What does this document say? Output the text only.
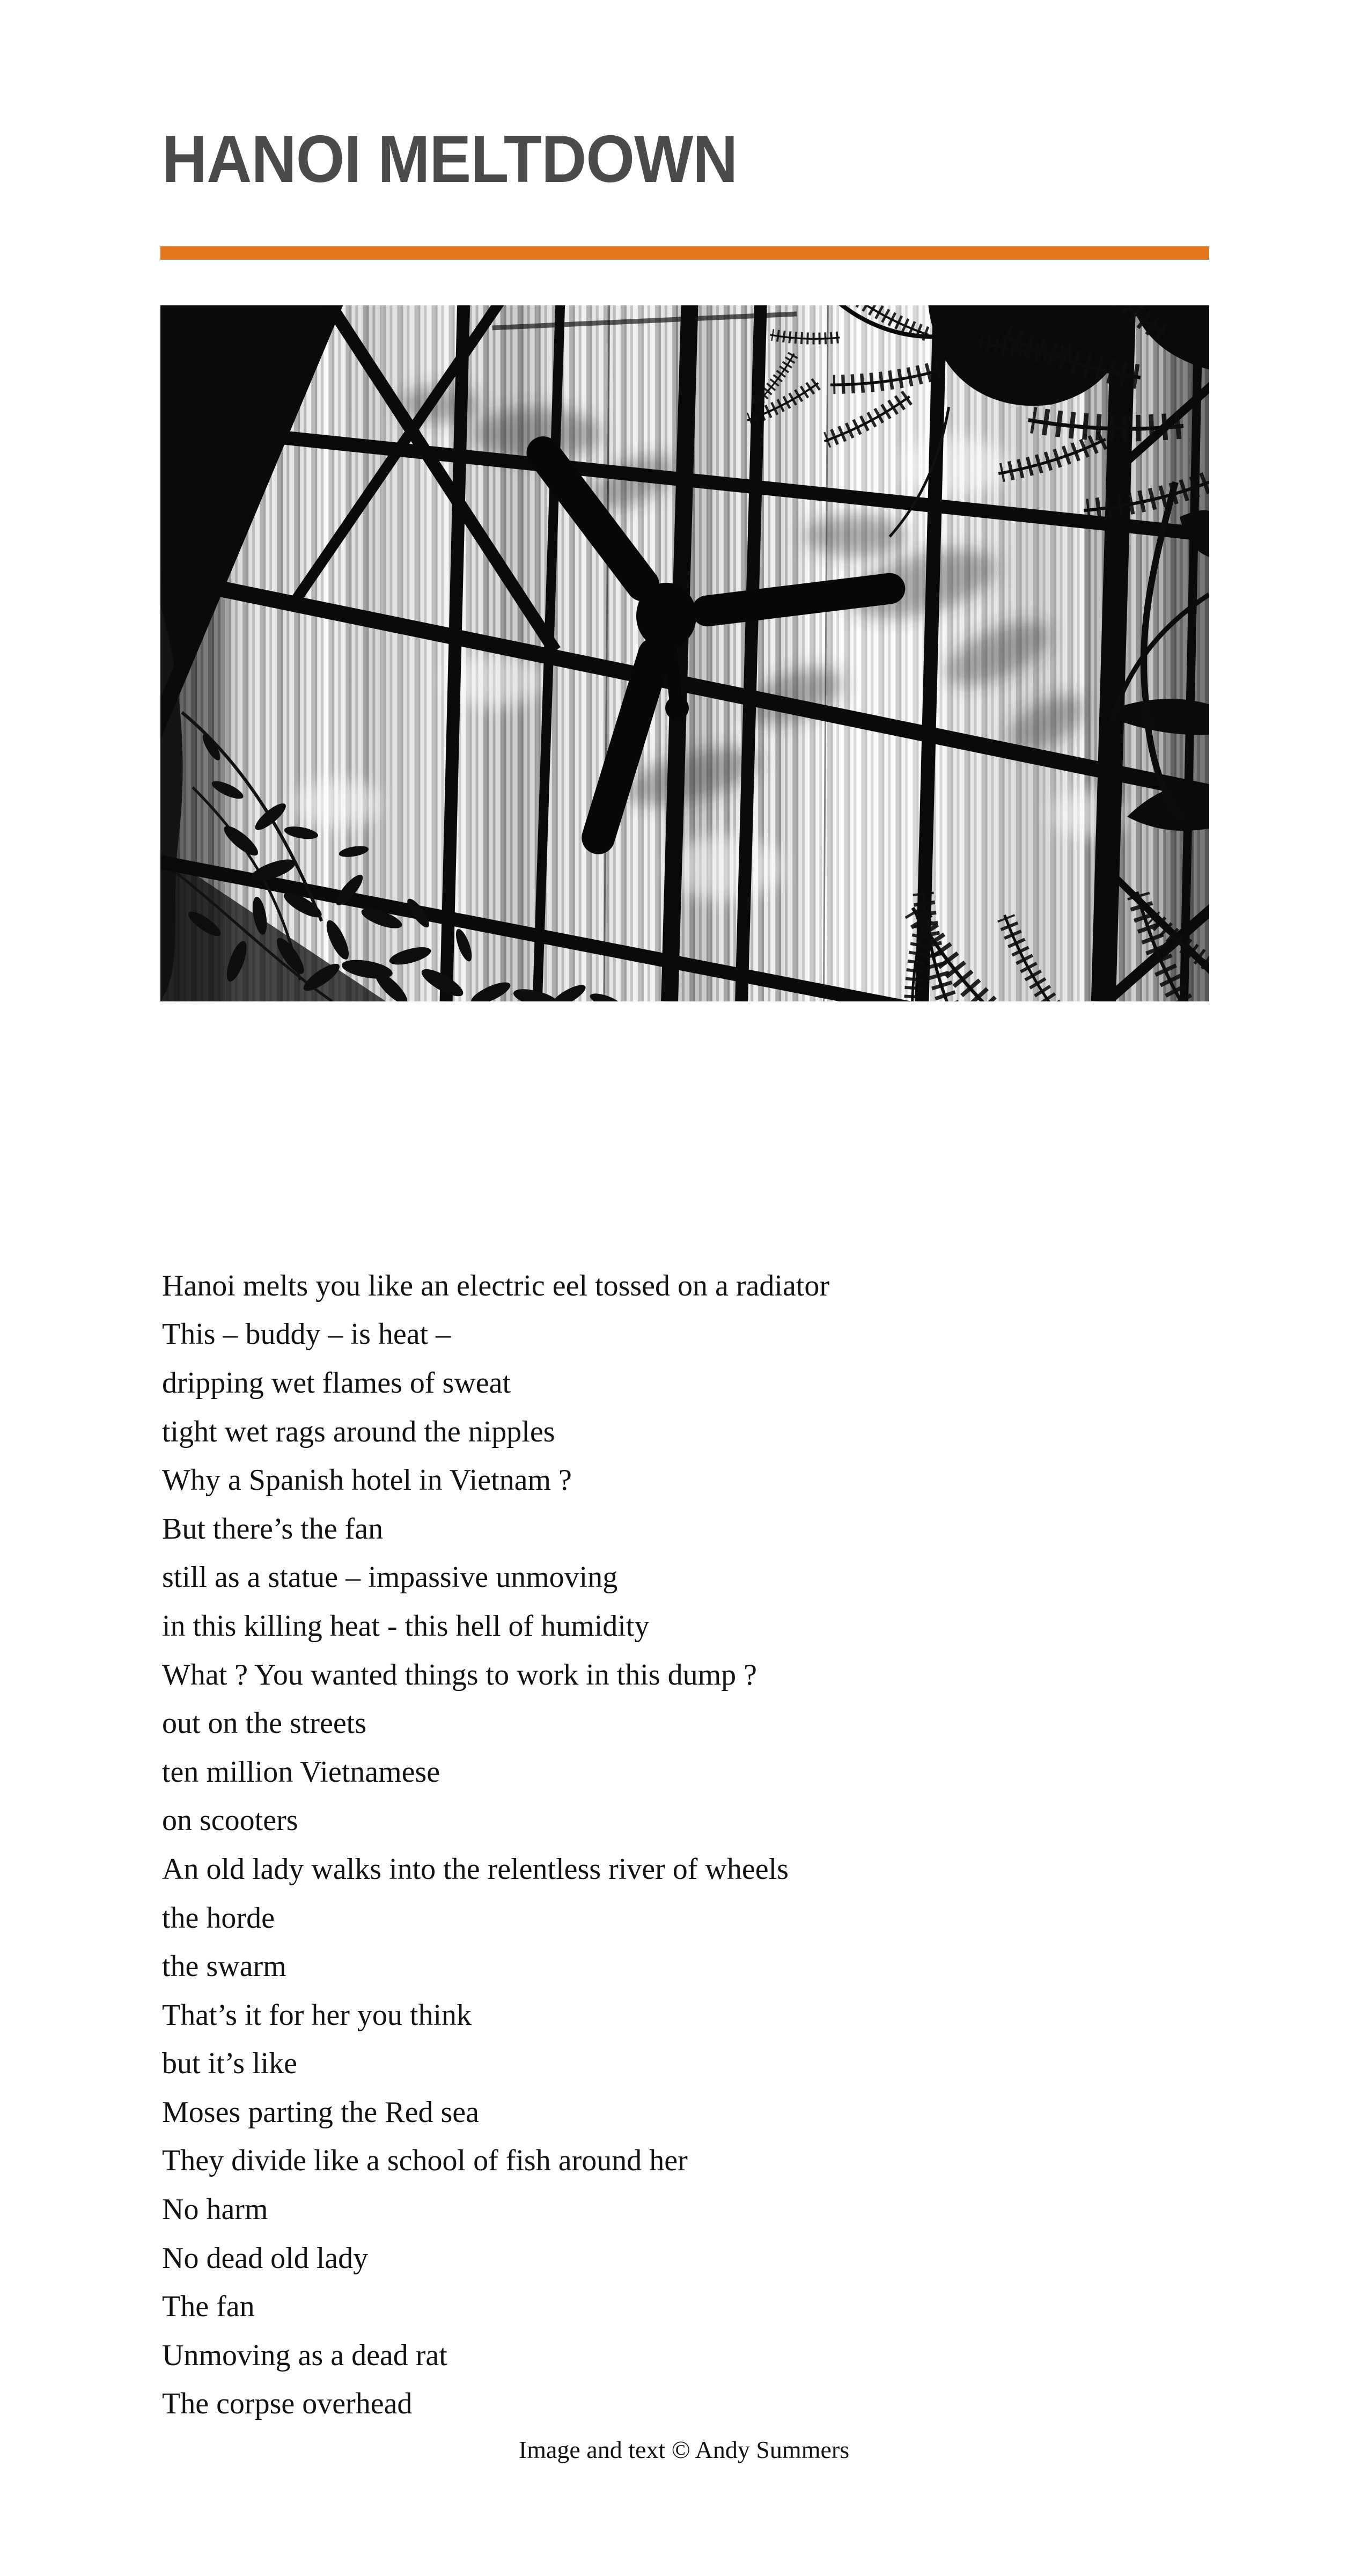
HANOI MELTDOWN

Hanoi melts you like an electric eel tossed on a radiator
This – buddy – is heat –
dripping wet flames of sweat
tight wet rags around the nipples
Why a Spanish hotel in Vietnam ?
But there’s the fan
still as a statue – impassive unmoving
in this killing heat - this hell of humidity
What ? You wanted things to work in this dump ?
out on the streets
ten million Vietnamese
on scooters
An old lady walks into the relentless river of wheels
the horde
the swarm
That’s it for her you think
but it’s like
Moses parting the Red sea
They divide like a school of fish around her
No harm
No dead old lady
The fan
Unmoving as a dead rat
The corpse overhead
Image and text © Andy Summers
